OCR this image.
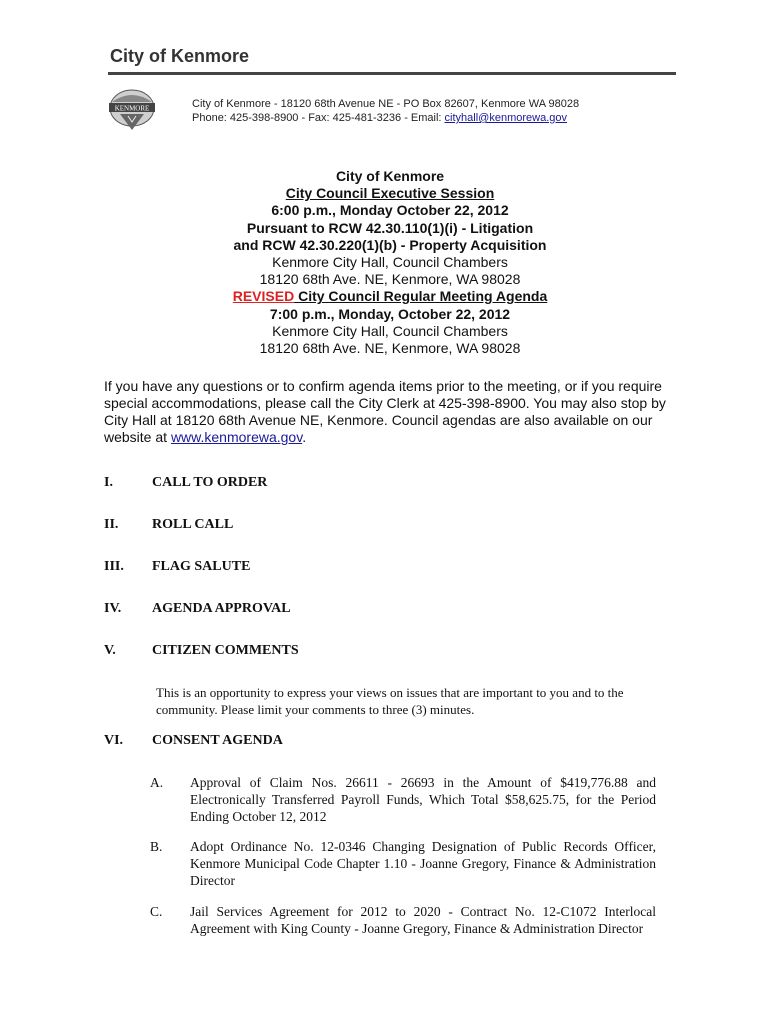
City of Kenmore
KENMORE	City of Kenmore - 18120 68th Avenue NE - PO Box 82607, Kenmore WA 98028
Phone: 425-398-8900 - Fax: 425-481-3236 - Email: cityhall@kenmorewa.gov
City of Kenmore
City Council Executive Session
6:00 p.m., Monday October 22, 2012
Pursuant to RCW 42.30.110(1)(i) - Litigation
and RCW 42.30.220(1)(b) - Property Acquisition
Kenmore City Hall, Council Chambers
18120 68th Ave. NE, Kenmore, WA 98028
REVISED City Council Regular Meeting Agenda
7:00 p.m., Monday, October 22, 2012
Kenmore City Hall, Council Chambers
18120 68th Ave. NE, Kenmore, WA 98028
If you have any questions or to confirm agenda items prior to the meeting, or if you require special accommodations, please call the City Clerk at 425-398-8900. You may also stop by City Hall at 18120 68th Avenue NE, Kenmore. Council agendas are also available on our website at www.kenmorewa.gov.
I.	CALL TO ORDER
II. ROLL CALL
III. FLAG SALUTE
IV. AGENDA APPROVAL
V.	CITIZEN COMMENTS
This is an opportunity to express your views on issues that are important to you and to the community. Please limit your comments to three (3) minutes.
VI. CONSENT AGENDA
A. Approval of Claim Nos. 26611 - 26693 in the Amount of $419,776.88 and Electronically Transferred Payroll Funds, Which Total $58,625.75, for the Period Ending October 12, 2012
B. Adopt Ordinance No. 12-0346 Changing Designation of Public Records Officer, Kenmore Municipal Code Chapter 1.10 - Joanne Gregory, Finance & Administration Director
C. Jail Services Agreement for 2012 to 2020 - Contract No. 12-C1072 Interlocal Agreement with King County - Joanne Gregory, Finance & Administration Director
